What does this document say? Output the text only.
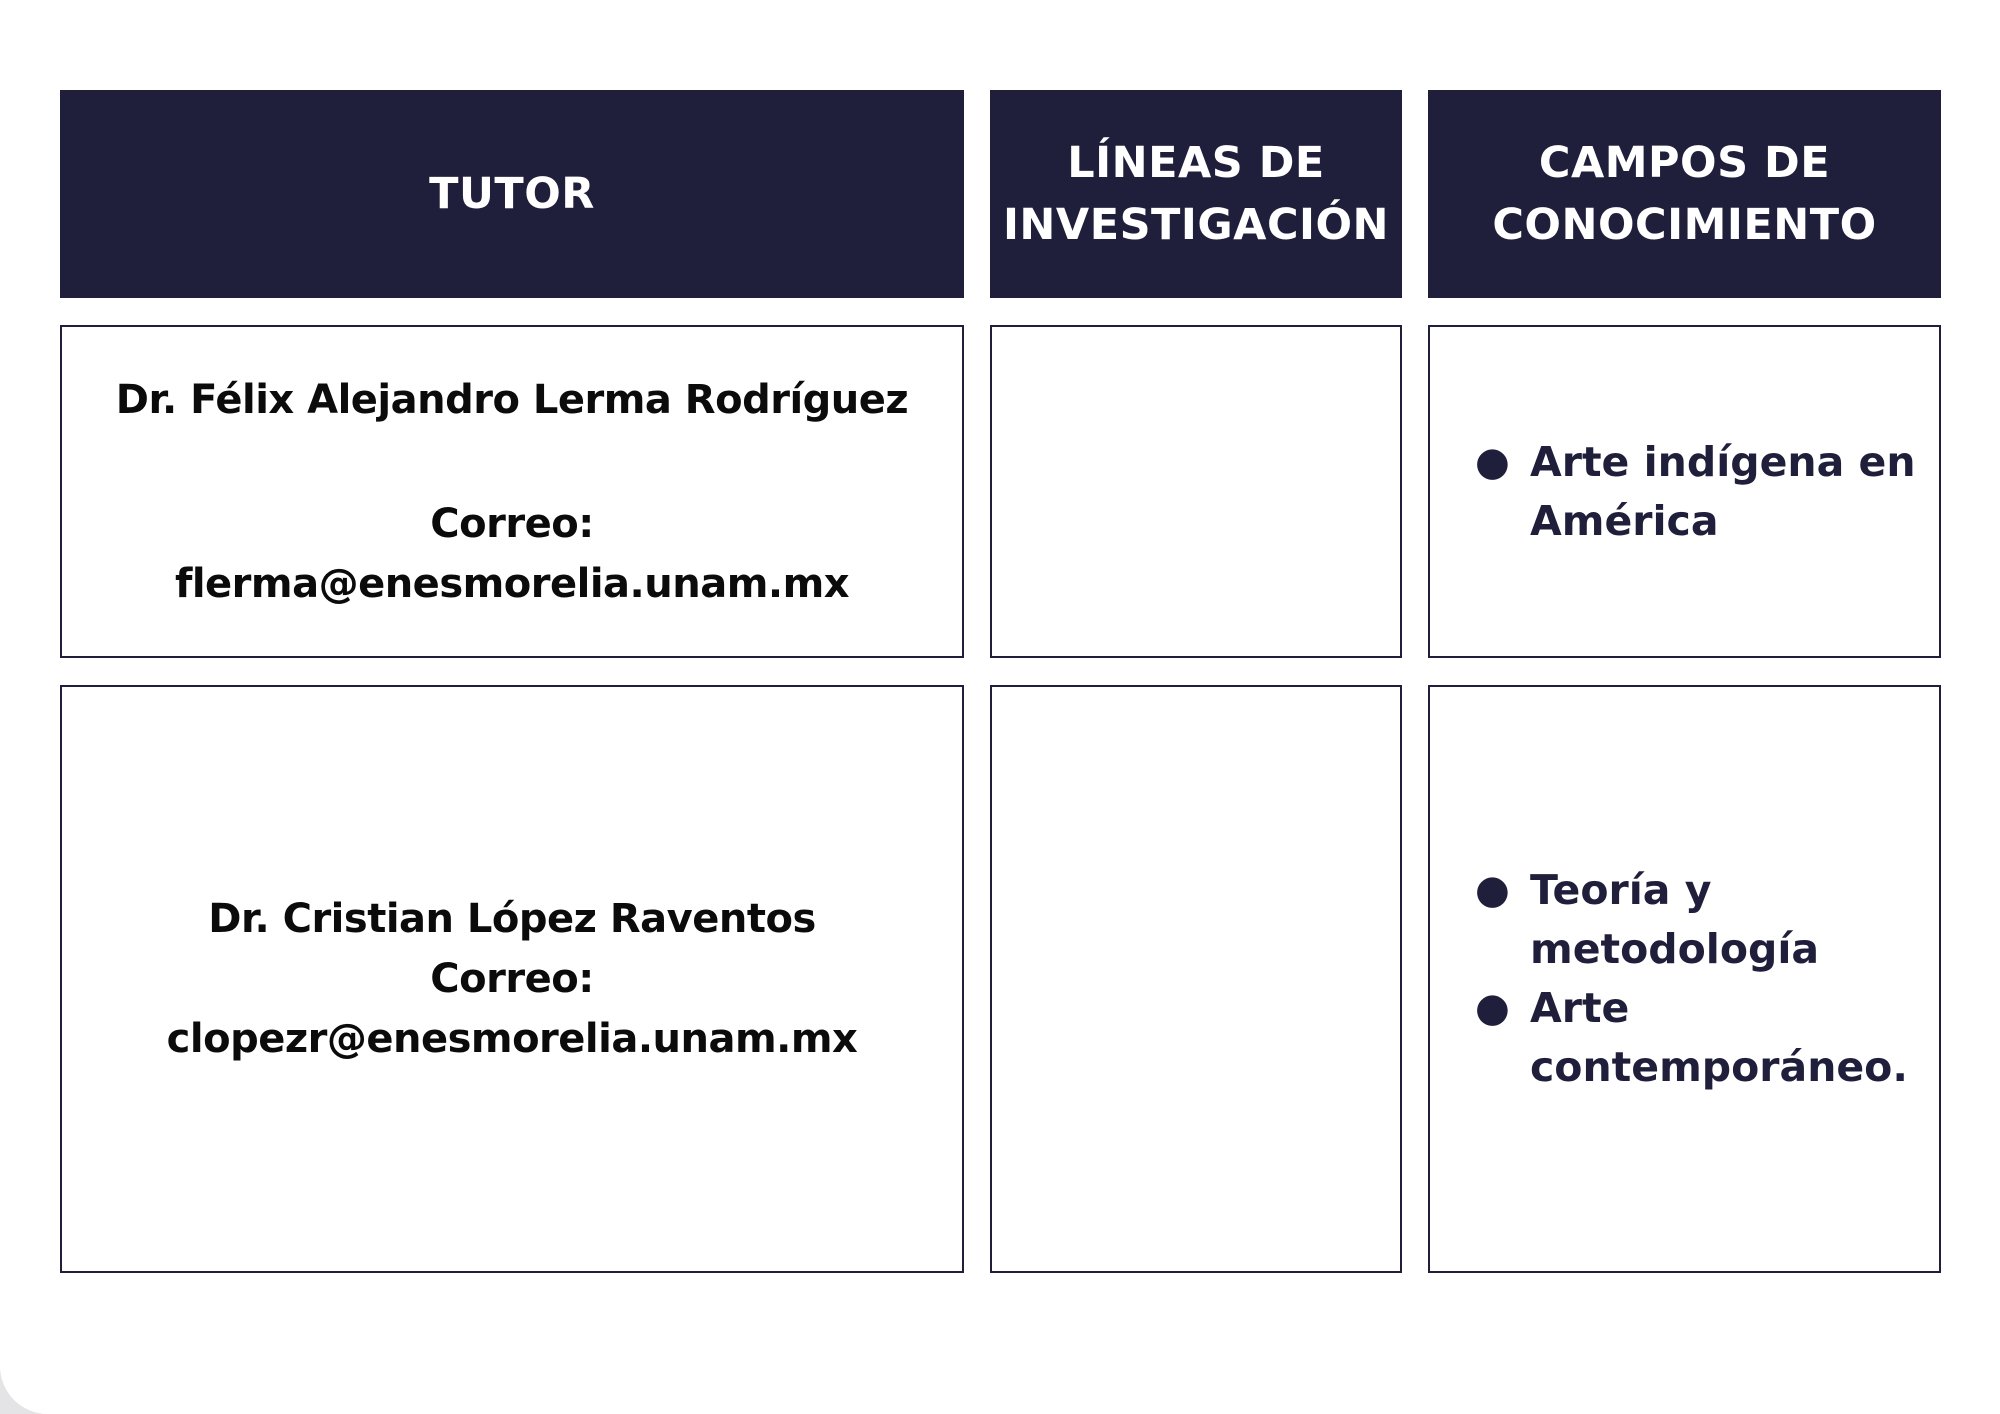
TUTOR
LÍNEAS DE
INVESTIGACIÓN
CAMPOS DE
CONOCIMIENTO
Dr. Félix Alejandro Lerma Rodríguez
Correo:
flerma@enesmorelia.unam.mx
● Arte indígena en
América
Dr. Cristian López Raventos
Correo:
clopezr@enesmorelia.unam.mx
● Teoría y
metodología
● Arte
contemporáneo.
